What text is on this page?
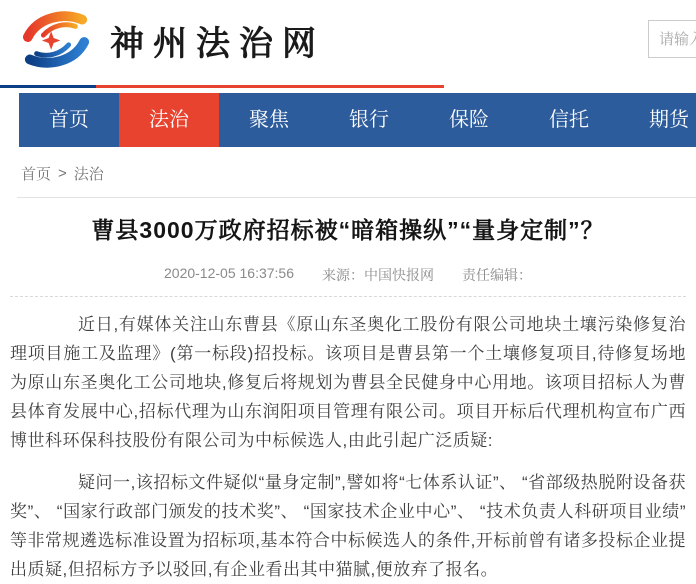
神州法治网
请输入
首页	法治	聚焦	银行	保险	信托	期货
首页 > 法治
曹县3000万政府招标被“暗箱操纵”“量身定制”？
2020-12-05 16:37:56 来源：中国快报网 责任编辑：

近日,有媒体关注山东曹县《原山东圣奥化工股份有限公司地块土壤污染修复治理项目施工及监理》(第一标段)招投标。该项目是曹县第一个土壤修复项目,待修复场地为原山东圣奥化工公司地块,修复后将规划为曹县全民健身中心用地。该项目招标人为曹县体育发展中心,招标代理为山东润阳项目管理有限公司。项目开标后代理机构宣布广西博世科环保科技股份有限公司为中标候选人,由此引起广泛质疑:

疑问一,该招标文件疑似“量身定制”,譬如将“七体系认证”、 “省部级热脱附设备获奖”、 “国家行政部门颁发的技术奖”、 “国家技术企业中心”、 “技术负责人科研项目业绩” 等非常规遴选标准设置为招标项,基本符合中标候选人的条件,开标前曾有诸多投标企业提出质疑,但招标方予以驳回,有企业看出其中猫腻,便放弃了报名。
